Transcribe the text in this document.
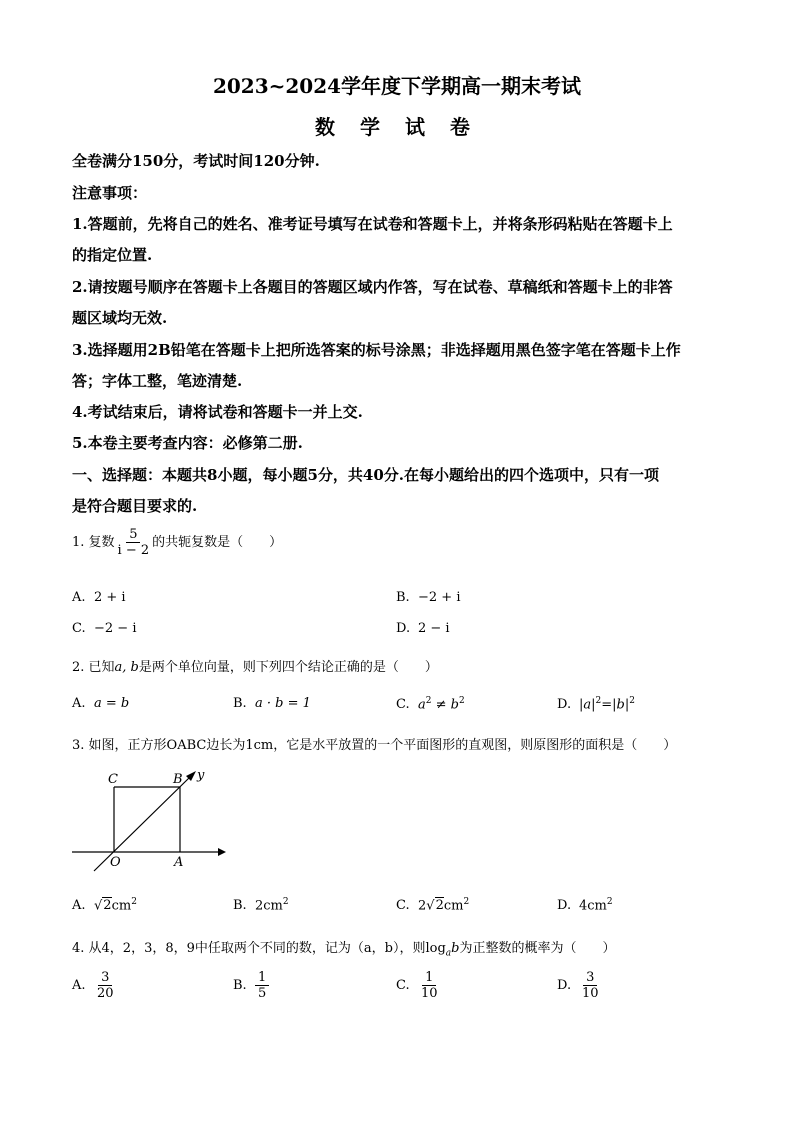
2023~2024学年度下学期高一期末考试
数 学 试 卷
全卷满分150分，考试时间120分钟.
注意事项：
1.答题前，先将自己的姓名、准考证号填写在试卷和答题卡上，并将条形码粘贴在答题卡上
的指定位置.
2.请按题号顺序在答题卡上各题目的答题区域内作答，写在试卷、草稿纸和答题卡上的非答
题区域均无效.
3.选择题用2B铅笔在答题卡上把所选答案的标号涂黑；非选择题用黑色签字笔在答题卡上作
答；字体工整，笔迹清楚.
4.考试结束后，请将试卷和答题卡一并上交.
5.本卷主要考查内容：必修第二册.
一、选择题：本题共8小题，每小题5分，共40分.在每小题给出的四个选项中，只有一项
是符合题目要求的.
1. 复数 $\frac{5}{i - 2}$ 的共轭复数是（　　）
A. 2 + i	B. −2 + i
C. −2 − i	D. 2 − i
2. 已知a, b是两个单位向量，则下列四个结论正确的是（　　）
A. a = b	B. a · b = 1	C. $a^2 \ne b^2$	D. $|a|^2=|b|^2$
3. 如图，正方形OABC边长为1cm，它是水平放置的一个平面图形的直观图，则原图形的面积是（　　）
C	B y
O	A
A. $√2cm^2$	B. $2cm^2$	C. $2√2cm^2$	D. $4cm^2$
4. 从4，2，3，8，9中任取两个不同的数，记为（a，b），则$\log_ab$为正整数的概率为（　　）
A. $\frac{3}{20}$	B. $\frac{1}{5}$	C. $\frac{1}{10}$	D. $\frac{3}{10}$
